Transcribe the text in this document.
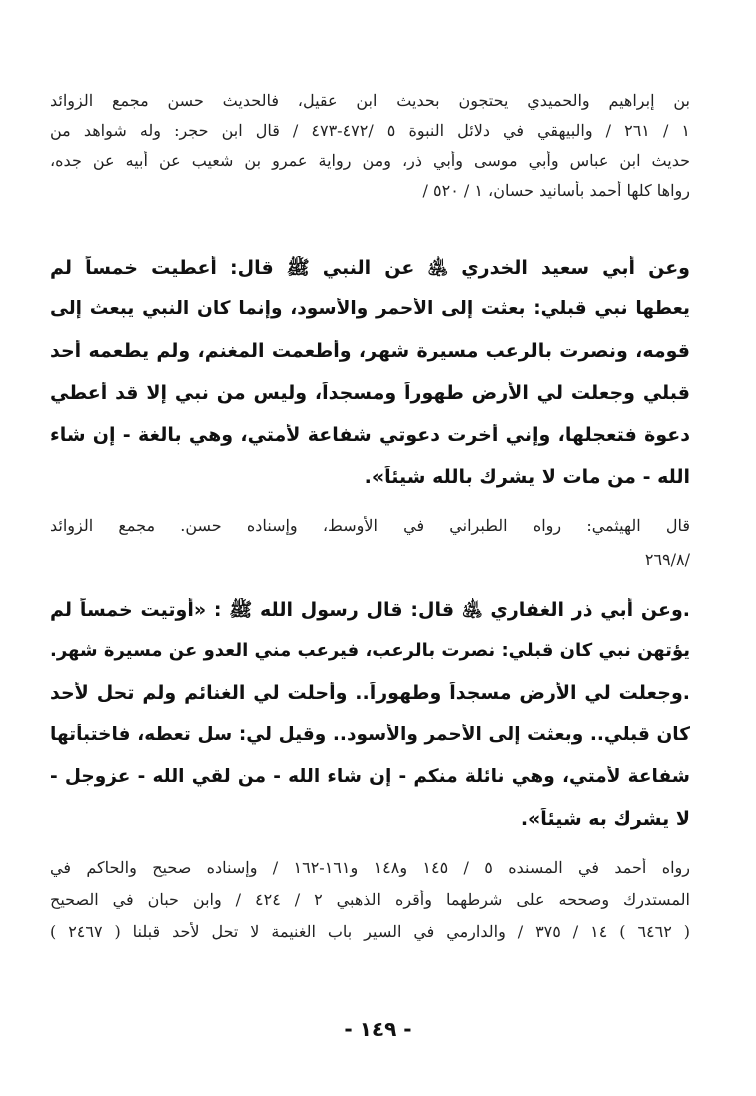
بن إبراهيم والحميدي يحتجون بحديث ابن عقيل، فالحديث حسن مجمع الزوائد
١ / ٢٦١ / والبيهقي في دلائل النبوة ٥ /٤٧٢-٤٧٣ / قال ابن حجر: وله شواهد من
حديث ابن عباس وأبي موسى وأبي ذر، ومن رواية عمرو بن شعيب عن أبيه عن جده،
رواها كلها أحمد بأسانيد حسان، ١ / ٥٢٠ /
وعن أبي سعيد الخدري ﵁ عن النبي ﷺ قال: أعطيت خمساً لم
يعطها نبي قبلي: بعثت إلى الأحمر والأسود، وإنما كان النبي يبعث إلى
قومه، ونصرت بالرعب مسيرة شهر، وأطعمت المغنم، ولم يطعمه أحد
قبلي وجعلت لي الأرض طهوراً ومسجداً، وليس من نبي إلا قد أعطي
دعوة فتعجلها، وإني أخرت دعوتي شفاعة لأمتي، وهي بالغة - إن شاء
الله - من مات لا يشرك بالله شيئاً».
قال الهيثمي: رواه الطبراني في الأوسط، وإسناده حسن. مجمع الزوائد
/٢٦٩/٨
.وعن أبي ذر الغفاري ﵁ قال: قال رسول الله ﷺ : «أوتيت خمساً لم
يؤتهن نبي كان قبلي: نصرت بالرعب، فيرعب مني العدو عن مسيرة شهر.
.وجعلت لي الأرض مسجداً وطهوراً.. وأحلت لي الغنائم ولم تحل لأحد
كان قبلي.. وبعثت إلى الأحمر والأسود.. وقيل لي: سل تعطه، فاختبأتها
شفاعة لأمتي، وهي نائلة منكم - إن شاء الله - من لقي الله - عزوجل -
لا يشرك به شيئاً».
رواه أحمد في المسنده ٥ / ١٤٥ و١٤٨ و١٦١-١٦٢ / وإسناده صحيح والحاكم في
المستدرك وصححه على شرطهما وأقره الذهبي ٢ / ٤٢٤ / وابن حبان في الصحيح
( ٦٤٦٢ ) ١٤ / ٣٧٥ / والدارمي في السير باب الغنيمة لا تحل لأحد قبلنا ( ٢٤٦٧ )
- ١٤٩ -
